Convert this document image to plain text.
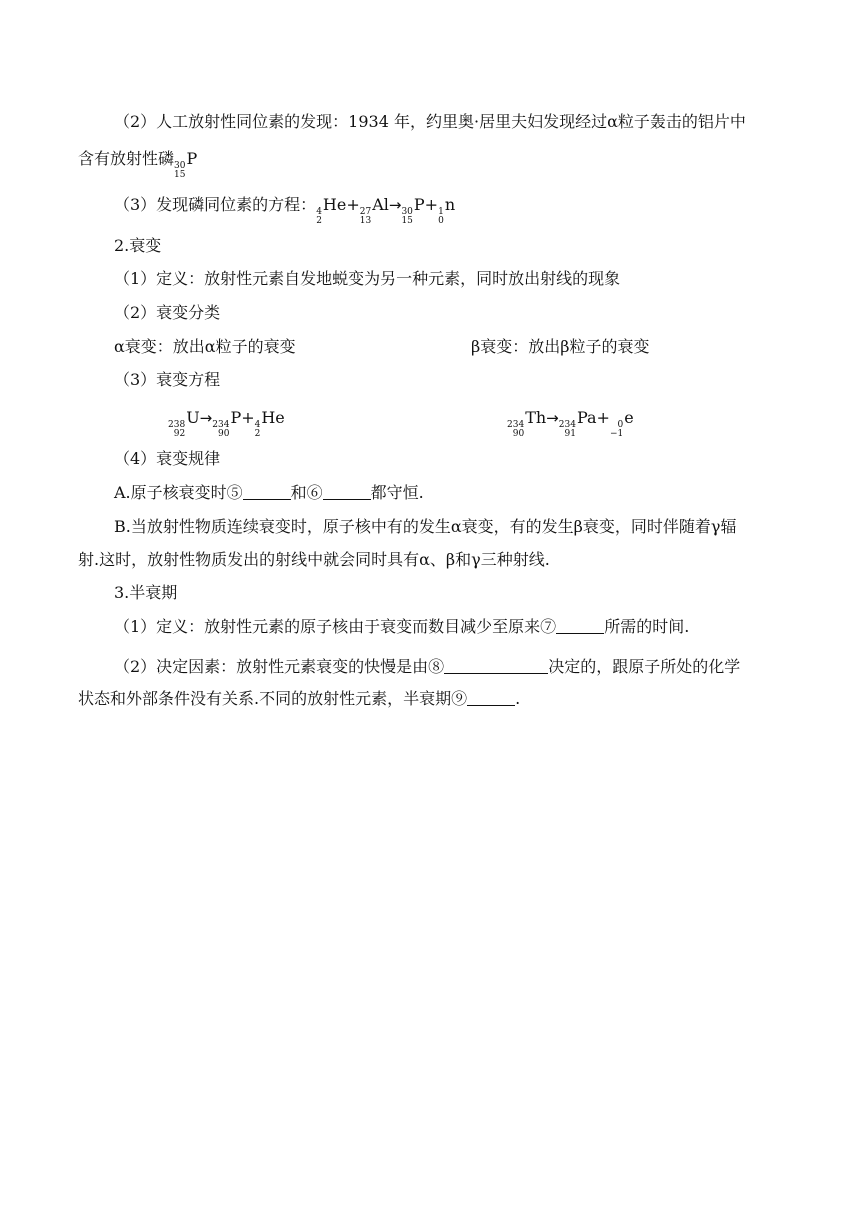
（2）人工放射性同位素的发现：1934 年，约里奥·居里夫妇发现经过α粒子轰击的铝片中
含有放射性磷 30
15
P
（3）发现磷同位素的方程： 4
2
He+ 27
13
Al→ 30
15
P+ 1
0
n
2.衰变
（1）定义：放射性元素自发地蜕变为另一种元素，同时放出射线的现象
（2）衰变分类
α衰变：放出α粒子的衰变	β衰变：放出β粒子的衰变
（3）衰变方程
238
92
U→ 234
90
P+ 4
2
He	234
90
Th→ 234
91
Pa+ 0
−1
e
（4）衰变规律
A.原子核衰变时⑤	和⑥	都守恒.
B.当放射性物质连续衰变时，原子核中有的发生α衰变，有的发生β衰变，同时伴随着γ辐
射.这时，放射性物质发出的射线中就会同时具有α、β和γ三种射线.
3.半衰期
（1）定义：放射性元素的原子核由于衰变而数目减少至原来⑦	所需的时间.
（2）决定因素：放射性元素衰变的快慢是由⑧	决定的，跟原子所处的化学
状态和外部条件没有关系.不同的放射性元素，半衰期⑨	.
